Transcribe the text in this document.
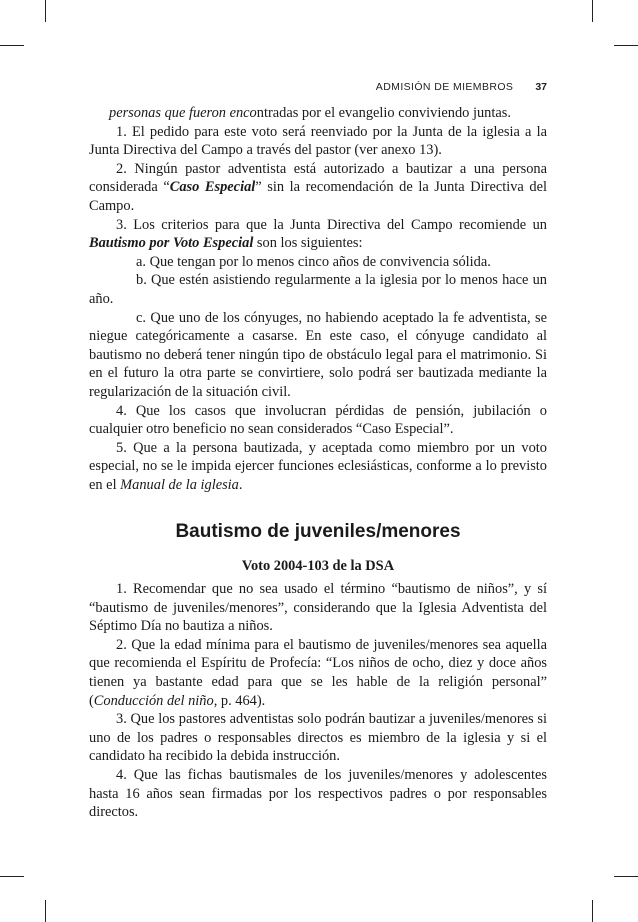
ADMISIÓN DE MIEMBROS 37

personas que fueron encontradas por el evangelio conviviendo juntas.

1. El pedido para este voto será reenviado por la Junta de la iglesia a la Junta Directiva del Campo a través del pastor (ver anexo 13).

2. Ningún pastor adventista está autorizado a bautizar a una persona considerada “Caso Especial” sin la recomendación de la Junta Directiva del Campo.

3. Los criterios para que la Junta Directiva del Campo recomiende un Bautismo por Voto Especial son los siguientes:

a. Que tengan por lo menos cinco años de convivencia sólida.

b. Que estén asistiendo regularmente a la iglesia por lo menos hace un año.

c. Que uno de los cónyuges, no habiendo aceptado la fe adventista, se niegue categóricamente a casarse. En este caso, el cónyuge candidato al bautismo no deberá tener ningún tipo de obstáculo legal para el matrimonio. Si en el futuro la otra parte se convirtiere, solo podrá ser bautizada mediante la regularización de la situación civil.

4. Que los casos que involucran pérdidas de pensión, jubilación o cualquier otro beneficio no sean considerados “Caso Especial”.

5. Que a la persona bautizada, y aceptada como miembro por un voto especial, no se le impida ejercer funciones eclesiásticas, conforme a lo previsto en el Manual de la iglesia.

Bautismo de juveniles/menores
Voto 2004-103 de la DSA

1. Recomendar que no sea usado el término “bautismo de niños”, y sí “bautismo de juveniles/menores”, considerando que la Iglesia Adventista del Séptimo Día no bautiza a niños.

2. Que la edad mínima para el bautismo de juveniles/menores sea aquella que recomienda el Espíritu de Profecía: “Los niños de ocho, diez y doce años tienen ya bastante edad para que se les hable de la religión personal” (Conducción del niño, p. 464).

3. Que los pastores adventistas solo podrán bautizar a juveniles/menores si uno de los padres o responsables directos es miembro de la iglesia y si el candidato ha recibido la debida instrucción.

4. Que las fichas bautismales de los juveniles/menores y adolescentes hasta 16 años sean firmadas por los respectivos padres o por responsables directos.
